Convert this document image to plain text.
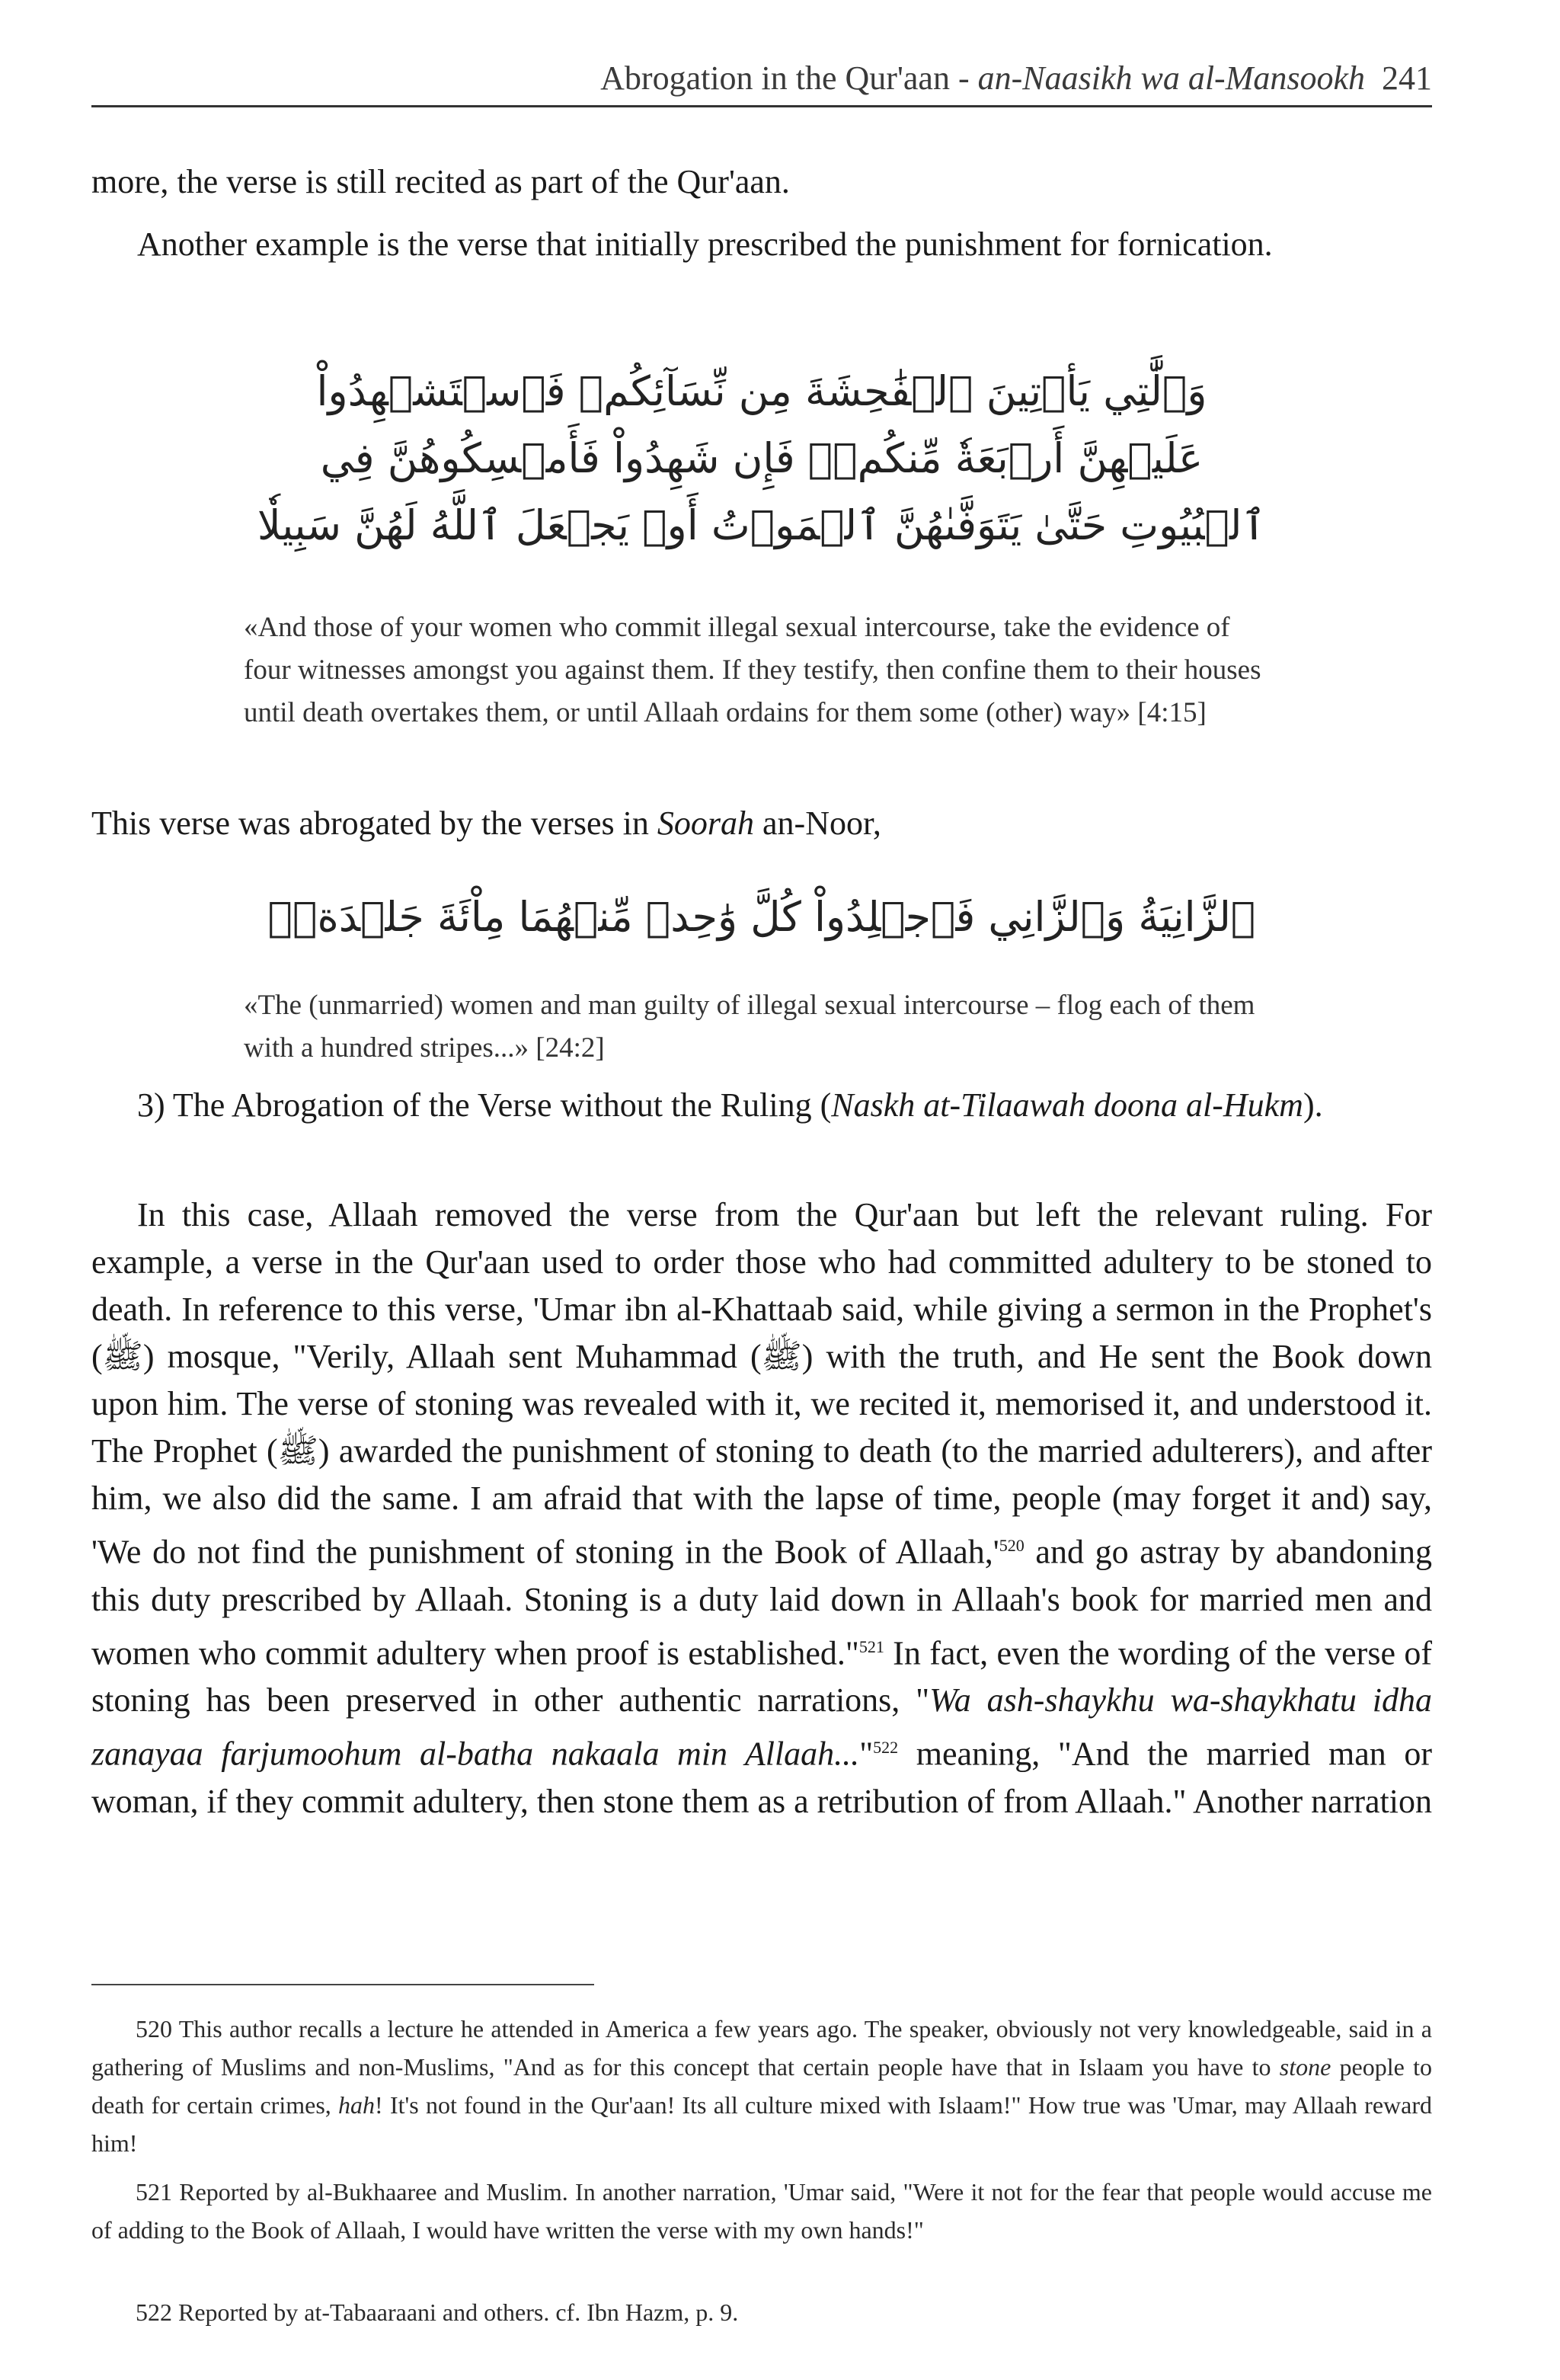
Abrogation in the Qur'aan - an-Naasikh wa al-Mansookh 241

more, the verse is still recited as part of the Qur'aan.

Another example is the verse that initially prescribed the punishment for fornication.

وَٱلَّٰتِي يَأۡتِينَ ٱلۡفَٰحِشَةَ مِن نِّسَآئِكُمۡ فَٱسۡتَشۡهِدُواْ
عَلَيۡهِنَّ أَرۡبَعَةٗ مِّنكُمۡۖ فَإِن شَهِدُواْ فَأَمۡسِكُوهُنَّ فِي
ٱلۡبُيُوتِ حَتَّىٰ يَتَوَفَّىٰهُنَّ ٱلۡمَوۡتُ أَوۡ يَجۡعَلَ ٱللَّهُ لَهُنَّ سَبِيلٗا
«And those of your women who commit illegal sexual intercourse, take the evidence of four witnesses amongst you against them. If they testify, then confine them to their houses until death overtakes them, or until Allaah ordains for them some (other) way» [4:15]

This verse was abrogated by the verses in Soorah an-Noor,

ٱلزَّانِيَةُ وَٱلزَّانِي فَٱجۡلِدُواْ كُلَّ وَٰحِدٖ مِّنۡهُمَا مِاْئَةَ جَلۡدَةٖۖ
«The (unmarried) women and man guilty of illegal sexual intercourse – flog each of them with a hundred stripes...» [24:2]

3) The Abrogation of the Verse without the Ruling (Naskh at-Tilaawah doona al-Hukm).

In this case, Allaah removed the verse from the Qur'aan but left the relevant ruling. For example, a verse in the Qur'aan used to order those who had committed adultery to be stoned to death. In reference to this verse, 'Umar ibn al-Khattaab said, while giving a sermon in the Prophet's (ﷺ) mosque, "Verily, Allaah sent Muhammad (ﷺ) with the truth, and He sent the Book down upon him. The verse of stoning was revealed with it, we recited it, memorised it, and understood it. The Prophet (ﷺ) awarded the punishment of stoning to death (to the married adulterers), and after him, we also did the same. I am afraid that with the lapse of time, people (may forget it and) say, 'We do not find the punishment of stoning in the Book of $Allaah,'^{520}$ and go astray by abandoning this duty prescribed by Allaah. Stoning is a duty laid down in Allaah's book for married men and women who commit adultery when proof is established."$^{521}$ In fact, even the wording of the verse of stoning has been preserved in other authentic narrations, "Wa ash-shaykhu wa-shaykhatu idha zanayaa farjumoohum al-batha nakaala min Allaah..."$^{522}$ meaning, "And the married man or woman, if they commit adultery, then stone them as a retribution of from Allaah." Another narration

520 This author recalls a lecture he attended in America a few years ago. The speaker, obviously not very knowledgeable, said in a gathering of Muslims and non-Muslims, "And as for this concept that certain people have that in Islaam you have to stone people to death for certain crimes, hah! It's not found in the Qur'aan! Its all culture mixed with Islaam!" How true was 'Umar, may Allaah reward him!
521 Reported by al-Bukhaaree and Muslim. In another narration, 'Umar said, "Were it not for the fear that people would accuse me of adding to the Book of Allaah, I would have written the verse with my own hands!"
522 Reported by at-Tabaaraani and others. cf. Ibn Hazm, p. 9.
